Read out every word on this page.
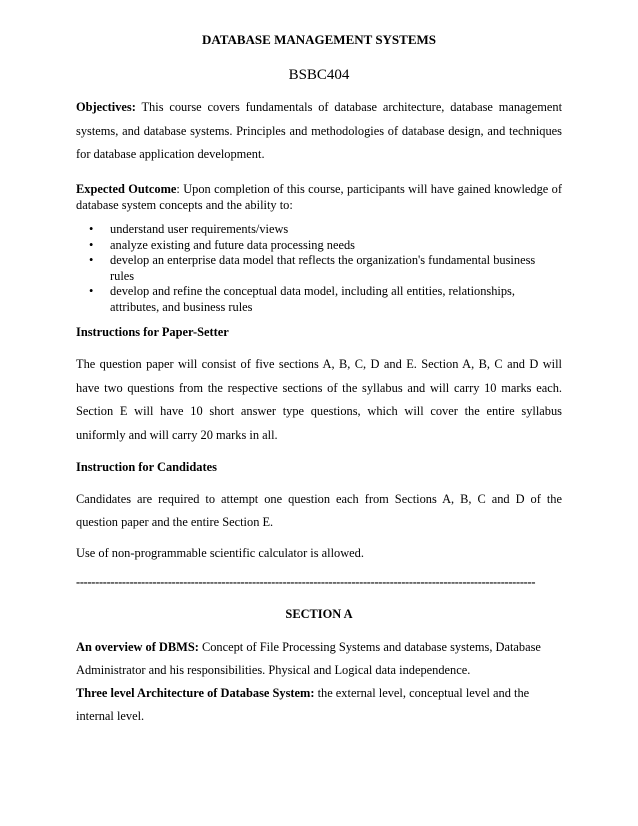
DATABASE MANAGEMENT SYSTEMS
BSBC404
Objectives: This course covers fundamentals of database architecture, database management
systems, and database systems. Principles and methodologies of database design, and techniques
for database application development.
Expected Outcome: Upon completion of this course, participants will have gained knowledge of
database system concepts and the ability to:
• understand user requirements/views
• analyze existing and future data processing needs
• develop an enterprise data model that reflects the organization's fundamental business
rules
• develop and refine the conceptual data model, including all entities, relationships,
attributes, and business rules
Instructions for Paper-Setter
The question paper will consist of five sections A, B, C, D and E. Section A, B, C and D will
have two questions from the respective sections of the syllabus and will carry 10 marks each.
Section E will have 10 short answer type questions, which will cover the entire syllabus
uniformly and will carry 20 marks in all.
Instruction for Candidates
Candidates are required to attempt one question each from Sections A, B, C and D of the
question paper and the entire Section E.
Use of non-programmable scientific calculator is allowed.
------------------------------------------------------------------------------------------------------------------------
SECTION A
An overview of DBMS: Concept of File Processing Systems and database systems, Database
Administrator and his responsibilities. Physical and Logical data independence.
Three level Architecture of Database System: the external level, conceptual level and the
internal level.
